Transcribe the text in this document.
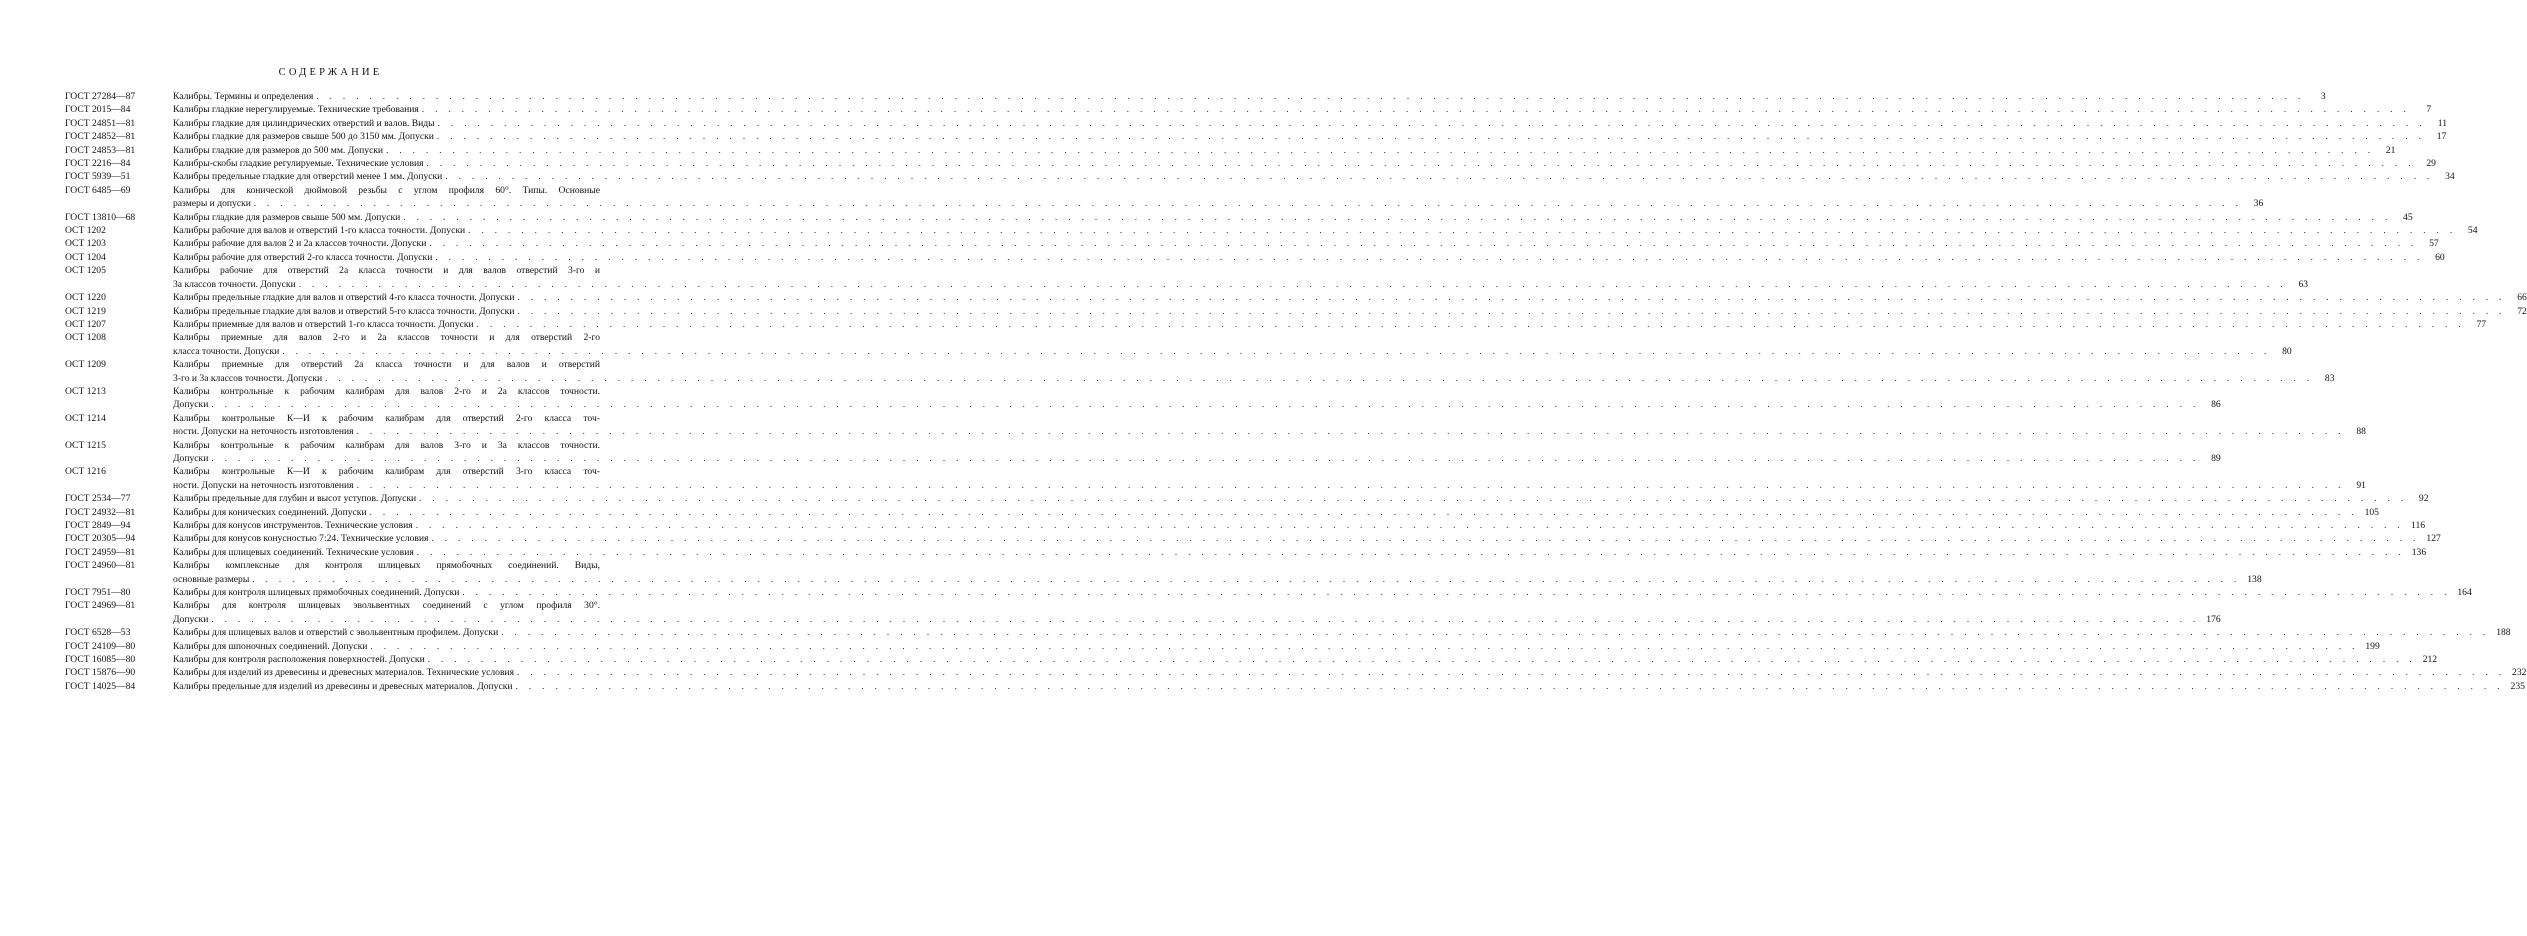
СОДЕРЖАНИЕ
ГОСТ 27284—87	Калибры. Термины и определения . . . . . . . . . . . . . . . . . . . . . . . . . . . . . . . . . . . . . . . . . . . . . . . . . . . . . . . . . . . . . . . . . . . . . . . . . . . . . . . . . . . . . . . . . . . . . . . . . . . . . . . . . . . . . . . . . . . . . . . . . . . . . . . . . . . . . . . . . . . . . . . . . . . . . .	3
ГОСТ 2015—84	Калибры гладкие нерегулируемые. Технические требования . . . . . . . . . . . . . . . . . . . . . . . . . . . . . . . . . . . . . . . . . . . . . . . . . . . . . . . . . . . . . . . . . . . . . . . . . . . . . . . . . . . . . . . . . . . . . . . . . . . . . . . . . . . . . . . . . . . . . . . . . . . . . . . . . . . . . . . . . . . . . . . . . . . . . .	7
ГОСТ 24851—81	Калибры гладкие для цилиндрических отверстий и валов. Виды . . . . . . . . . . . . . . . . . . . . . . . . . . . . . . . . . . . . . . . . . . . . . . . . . . . . . . . . . . . . . . . . . . . . . . . . . . . . . . . . . . . . . . . . . . . . . . . . . . . . . . . . . . . . . . . . . . . . . . . . . . . . . . . . . . . . . . . . . . . . . . . . . . . . . .	11
ГОСТ 24852—81	Калибры гладкие для размеров свыше 500 до 3150 мм. Допуски . . . . . . . . . . . . . . . . . . . . . . . . . . . . . . . . . . . . . . . . . . . . . . . . . . . . . . . . . . . . . . . . . . . . . . . . . . . . . . . . . . . . . . . . . . . . . . . . . . . . . . . . . . . . . . . . . . . . . . . . . . . . . . . . . . . . . . . . . . . . . . . . . . . . . .	17
ГОСТ 24853—81	Калибры гладкие для размеров до 500 мм. Допуски . . . . . . . . . . . . . . . . . . . . . . . . . . . . . . . . . . . . . . . . . . . . . . . . . . . . . . . . . . . . . . . . . . . . . . . . . . . . . . . . . . . . . . . . . . . . . . . . . . . . . . . . . . . . . . . . . . . . . . . . . . . . . . . . . . . . . . . . . . . . . . . . . . . . . .	21
ГОСТ 2216—84	Калибры-скобы гладкие регулируемые. Технические условия . . . . . . . . . . . . . . . . . . . . . . . . . . . . . . . . . . . . . . . . . . . . . . . . . . . . . . . . . . . . . . . . . . . . . . . . . . . . . . . . . . . . . . . . . . . . . . . . . . . . . . . . . . . . . . . . . . . . . . . . . . . . . . . . . . . . . . . . . . . . . . . . . . . . . .	29
ГОСТ 5939—51	Калибры предельные гладкие для отверстий менее 1 мм. Допуски . . . . . . . . . . . . . . . . . . . . . . . . . . . . . . . . . . . . . . . . . . . . . . . . . . . . . . . . . . . . . . . . . . . . . . . . . . . . . . . . . . . . . . . . . . . . . . . . . . . . . . . . . . . . . . . . . . . . . . . . . . . . . . . . . . . . . . . . . . . . . . . . . . . . . .	34
ГОСТ 6485—69	Калибры для конической дюймовой резьбы с углом профиля 60°. Типы. Основные
размеры и допуски . . . . . . . . . . . . . . . . . . . . . . . . . . . . . . . . . . . . . . . . . . . . . . . . . . . . . . . . . . . . . . . . . . . . . . . . . . . . . . . . . . . . . . . . . . . . . . . . . . . . . . . . . . . . . . . . . . . . . . . . . . . . . . . . . . . . . . . . . . . . . . . . . . . . . .	36
ГОСТ 13810—68	Калибры гладкие для размеров свыше 500 мм. Допуски . . . . . . . . . . . . . . . . . . . . . . . . . . . . . . . . . . . . . . . . . . . . . . . . . . . . . . . . . . . . . . . . . . . . . . . . . . . . . . . . . . . . . . . . . . . . . . . . . . . . . . . . . . . . . . . . . . . . . . . . . . . . . . . . . . . . . . . . . . . . . . . . . . . . . .	45
ОСТ 1202	Калибры рабочие для валов и отверстий 1-го класса точности. Допуски . . . . . . . . . . . . . . . . . . . . . . . . . . . . . . . . . . . . . . . . . . . . . . . . . . . . . . . . . . . . . . . . . . . . . . . . . . . . . . . . . . . . . . . . . . . . . . . . . . . . . . . . . . . . . . . . . . . . . . . . . . . . . . . . . . . . . . . . . . . . . . . . . . . . . .	54
ОСТ 1203	Калибры рабочие для валов 2 и 2а классов точности. Допуски . . . . . . . . . . . . . . . . . . . . . . . . . . . . . . . . . . . . . . . . . . . . . . . . . . . . . . . . . . . . . . . . . . . . . . . . . . . . . . . . . . . . . . . . . . . . . . . . . . . . . . . . . . . . . . . . . . . . . . . . . . . . . . . . . . . . . . . . . . . . . . . . . . . . . .	57
ОСТ 1204	Калибры рабочие для отверстий 2-го класса точности. Допуски . . . . . . . . . . . . . . . . . . . . . . . . . . . . . . . . . . . . . . . . . . . . . . . . . . . . . . . . . . . . . . . . . . . . . . . . . . . . . . . . . . . . . . . . . . . . . . . . . . . . . . . . . . . . . . . . . . . . . . . . . . . . . . . . . . . . . . . . . . . . . . . . . . . . . .	60
ОСТ 1205	Калибры рабочие для отверстий 2а класса точности и для валов отверстий 3-го и
3а классов точности. Допуски . . . . . . . . . . . . . . . . . . . . . . . . . . . . . . . . . . . . . . . . . . . . . . . . . . . . . . . . . . . . . . . . . . . . . . . . . . . . . . . . . . . . . . . . . . . . . . . . . . . . . . . . . . . . . . . . . . . . . . . . . . . . . . . . . . . . . . . . . . . . . . . . . . . . . .	63
ОСТ 1220	Калибры предельные гладкие для валов и отверстий 4-го класса точности. Допуски . . . . . . . . . . . . . . . . . . . . . . . . . . . . . . . . . . . . . . . . . . . . . . . . . . . . . . . . . . . . . . . . . . . . . . . . . . . . . . . . . . . . . . . . . . . . . . . . . . . . . . . . . . . . . . . . . . . . . . . . . . . . . . . . . . . . . . . . . . . . . . . . . . . . . .	66
ОСТ 1219	Калибры предельные гладкие для валов и отверстий 5-го класса точности. Допуски . . . . . . . . . . . . . . . . . . . . . . . . . . . . . . . . . . . . . . . . . . . . . . . . . . . . . . . . . . . . . . . . . . . . . . . . . . . . . . . . . . . . . . . . . . . . . . . . . . . . . . . . . . . . . . . . . . . . . . . . . . . . . . . . . . . . . . . . . . . . . . . . . . . . . .	72
ОСТ 1207	Калибры приемные для валов и отверстий 1-го класса точности. Допуски . . . . . . . . . . . . . . . . . . . . . . . . . . . . . . . . . . . . . . . . . . . . . . . . . . . . . . . . . . . . . . . . . . . . . . . . . . . . . . . . . . . . . . . . . . . . . . . . . . . . . . . . . . . . . . . . . . . . . . . . . . . . . . . . . . . . . . . . . . . . . . . . . . . . . .	77
ОСТ 1208	Калибры приемные для валов 2-го и 2а классов точности и для отверстий 2-го
класса точности. Допуски . . . . . . . . . . . . . . . . . . . . . . . . . . . . . . . . . . . . . . . . . . . . . . . . . . . . . . . . . . . . . . . . . . . . . . . . . . . . . . . . . . . . . . . . . . . . . . . . . . . . . . . . . . . . . . . . . . . . . . . . . . . . . . . . . . . . . . . . . . . . . . . . . . . . . .	80
ОСТ 1209	Калибры приемные для отверстий 2а класса точности и для валов и отверстий
3-го и 3а классов точности. Допуски . . . . . . . . . . . . . . . . . . . . . . . . . . . . . . . . . . . . . . . . . . . . . . . . . . . . . . . . . . . . . . . . . . . . . . . . . . . . . . . . . . . . . . . . . . . . . . . . . . . . . . . . . . . . . . . . . . . . . . . . . . . . . . . . . . . . . . . . . . . . . . . . . . . . . .	83
ОСТ 1213	Калибры контрольные к рабочим калибрам для валов 2-го и 2а классов точности.
Допуски . . . . . . . . . . . . . . . . . . . . . . . . . . . . . . . . . . . . . . . . . . . . . . . . . . . . . . . . . . . . . . . . . . . . . . . . . . . . . . . . . . . . . . . . . . . . . . . . . . . . . . . . . . . . . . . . . . . . . . . . . . . . . . . . . . . . . . . . . . . . . . . . . . . . . .	86
ОСТ 1214	Калибры контрольные К—И к рабочим калибрам для отверстий 2-го класса точ-
ности. Допуски на неточность изготовления . . . . . . . . . . . . . . . . . . . . . . . . . . . . . . . . . . . . . . . . . . . . . . . . . . . . . . . . . . . . . . . . . . . . . . . . . . . . . . . . . . . . . . . . . . . . . . . . . . . . . . . . . . . . . . . . . . . . . . . . . . . . . . . . . . . . . . . . . . . . . . . . . . . . . .	88
ОСТ 1215	Калибры контрольные к рабочим калибрам для валов 3-го и 3а классов точности.
Допуски . . . . . . . . . . . . . . . . . . . . . . . . . . . . . . . . . . . . . . . . . . . . . . . . . . . . . . . . . . . . . . . . . . . . . . . . . . . . . . . . . . . . . . . . . . . . . . . . . . . . . . . . . . . . . . . . . . . . . . . . . . . . . . . . . . . . . . . . . . . . . . . . . . . . . .	89
ОСТ 1216	Калибры контрольные К—И к рабочим калибрам для отверстий 3-го класса точ-
ности. Допуски на неточность изготовления . . . . . . . . . . . . . . . . . . . . . . . . . . . . . . . . . . . . . . . . . . . . . . . . . . . . . . . . . . . . . . . . . . . . . . . . . . . . . . . . . . . . . . . . . . . . . . . . . . . . . . . . . . . . . . . . . . . . . . . . . . . . . . . . . . . . . . . . . . . . . . . . . . . . . .	91
ГОСТ 2534—77	Калибры предельные для глубин и высот уступов. Допуски . . . . . . . . . . . . . . . . . . . . . . . . . . . . . . . . . . . . . . . . . . . . . . . . . . . . . . . . . . . . . . . . . . . . . . . . . . . . . . . . . . . . . . . . . . . . . . . . . . . . . . . . . . . . . . . . . . . . . . . . . . . . . . . . . . . . . . . . . . . . . . . . . . . . . .	92
ГОСТ 24932—81	Калибры для конических соединений. Допуски . . . . . . . . . . . . . . . . . . . . . . . . . . . . . . . . . . . . . . . . . . . . . . . . . . . . . . . . . . . . . . . . . . . . . . . . . . . . . . . . . . . . . . . . . . . . . . . . . . . . . . . . . . . . . . . . . . . . . . . . . . . . . . . . . . . . . . . . . . . . . . . . . . . . . . 105
ГОСТ 2849—94	Калибры для конусов инструментов. Технические условия . . . . . . . . . . . . . . . . . . . . . . . . . . . . . . . . . . . . . . . . . . . . . . . . . . . . . . . . . . . . . . . . . . . . . . . . . . . . . . . . . . . . . . . . . . . . . . . . . . . . . . . . . . . . . . . . . . . . . . . . . . . . . . . . . . . . . . . . . . . . . . . . . . . . . . 116
ГОСТ 20305—94	Калибры для конусов конусностью 7:24. Технические условия . . . . . . . . . . . . . . . . . . . . . . . . . . . . . . . . . . . . . . . . . . . . . . . . . . . . . . . . . . . . . . . . . . . . . . . . . . . . . . . . . . . . . . . . . . . . . . . . . . . . . . . . . . . . . . . . . . . . . . . . . . . . . . . . . . . . . . . . . . . . . . . . . . . . . . 127
ГОСТ 24959—81	Калибры для шлицевых соединений. Технические условия . . . . . . . . . . . . . . . . . . . . . . . . . . . . . . . . . . . . . . . . . . . . . . . . . . . . . . . . . . . . . . . . . . . . . . . . . . . . . . . . . . . . . . . . . . . . . . . . . . . . . . . . . . . . . . . . . . . . . . . . . . . . . . . . . . . . . . . . . . . . . . . . . . . . . . 136
ГОСТ 24960—81	Калибры комплексные для контроля шлицевых прямобочных соединений. Виды,
основные размеры . . . . . . . . . . . . . . . . . . . . . . . . . . . . . . . . . . . . . . . . . . . . . . . . . . . . . . . . . . . . . . . . . . . . . . . . . . . . . . . . . . . . . . . . . . . . . . . . . . . . . . . . . . . . . . . . . . . . . . . . . . . . . . . . . . . . . . . . . . . . . . . . . . . . . . 138
ГОСТ 7951—80	Калибры для контроля шлицевых прямобочных соединений. Допуски . . . . . . . . . . . . . . . . . . . . . . . . . . . . . . . . . . . . . . . . . . . . . . . . . . . . . . . . . . . . . . . . . . . . . . . . . . . . . . . . . . . . . . . . . . . . . . . . . . . . . . . . . . . . . . . . . . . . . . . . . . . . . . . . . . . . . . . . . . . . . . . . . . . . . . 164
ГОСТ 24969—81	Калибры для контроля шлицевых эвольвентных соединений с углом профиля 30°.
Допуски . . . . . . . . . . . . . . . . . . . . . . . . . . . . . . . . . . . . . . . . . . . . . . . . . . . . . . . . . . . . . . . . . . . . . . . . . . . . . . . . . . . . . . . . . . . . . . . . . . . . . . . . . . . . . . . . . . . . . . . . . . . . . . . . . . . . . . . . . . . . . . . . . . . . . . 176
ГОСТ 6528—53	Калибры для шлицевых валов и отверстий с эвольвентным профилем. Допуски . . . . . . . . . . . . . . . . . . . . . . . . . . . . . . . . . . . . . . . . . . . . . . . . . . . . . . . . . . . . . . . . . . . . . . . . . . . . . . . . . . . . . . . . . . . . . . . . . . . . . . . . . . . . . . . . . . . . . . . . . . . . . . . . . . . . . . . . . . . . . . . . . . . . . . 188
ГОСТ 24109—80	Калибры для шпоночных соединений. Допуски . . . . . . . . . . . . . . . . . . . . . . . . . . . . . . . . . . . . . . . . . . . . . . . . . . . . . . . . . . . . . . . . . . . . . . . . . . . . . . . . . . . . . . . . . . . . . . . . . . . . . . . . . . . . . . . . . . . . . . . . . . . . . . . . . . . . . . . . . . . . . . . . . . . . . . 199
ГОСТ 16085—80	Калибры для контроля расположения поверхностей. Допуски . . . . . . . . . . . . . . . . . . . . . . . . . . . . . . . . . . . . . . . . . . . . . . . . . . . . . . . . . . . . . . . . . . . . . . . . . . . . . . . . . . . . . . . . . . . . . . . . . . . . . . . . . . . . . . . . . . . . . . . . . . . . . . . . . . . . . . . . . . . . . . . . . . . . . . 212
ГОСТ 15876—90	Калибры для изделий из древесины и древесных материалов. Технические условия . . . . . . . . . . . . . . . . . . . . . . . . . . . . . . . . . . . . . . . . . . . . . . . . . . . . . . . . . . . . . . . . . . . . . . . . . . . . . . . . . . . . . . . . . . . . . . . . . . . . . . . . . . . . . . . . . . . . . . . . . . . . . . . . . . . . . . . . . . . . . . . . . . . . . . 232
ГОСТ 14025—84	Калибры предельные для изделий из древесины и древесных материалов. Допуски . . . . . . . . . . . . . . . . . . . . . . . . . . . . . . . . . . . . . . . . . . . . . . . . . . . . . . . . . . . . . . . . . . . . . . . . . . . . . . . . . . . . . . . . . . . . . . . . . . . . . . . . . . . . . . . . . . . . . . . . . . . . . . . . . . . . . . . . . . . . . . . . . . . . . . 235
